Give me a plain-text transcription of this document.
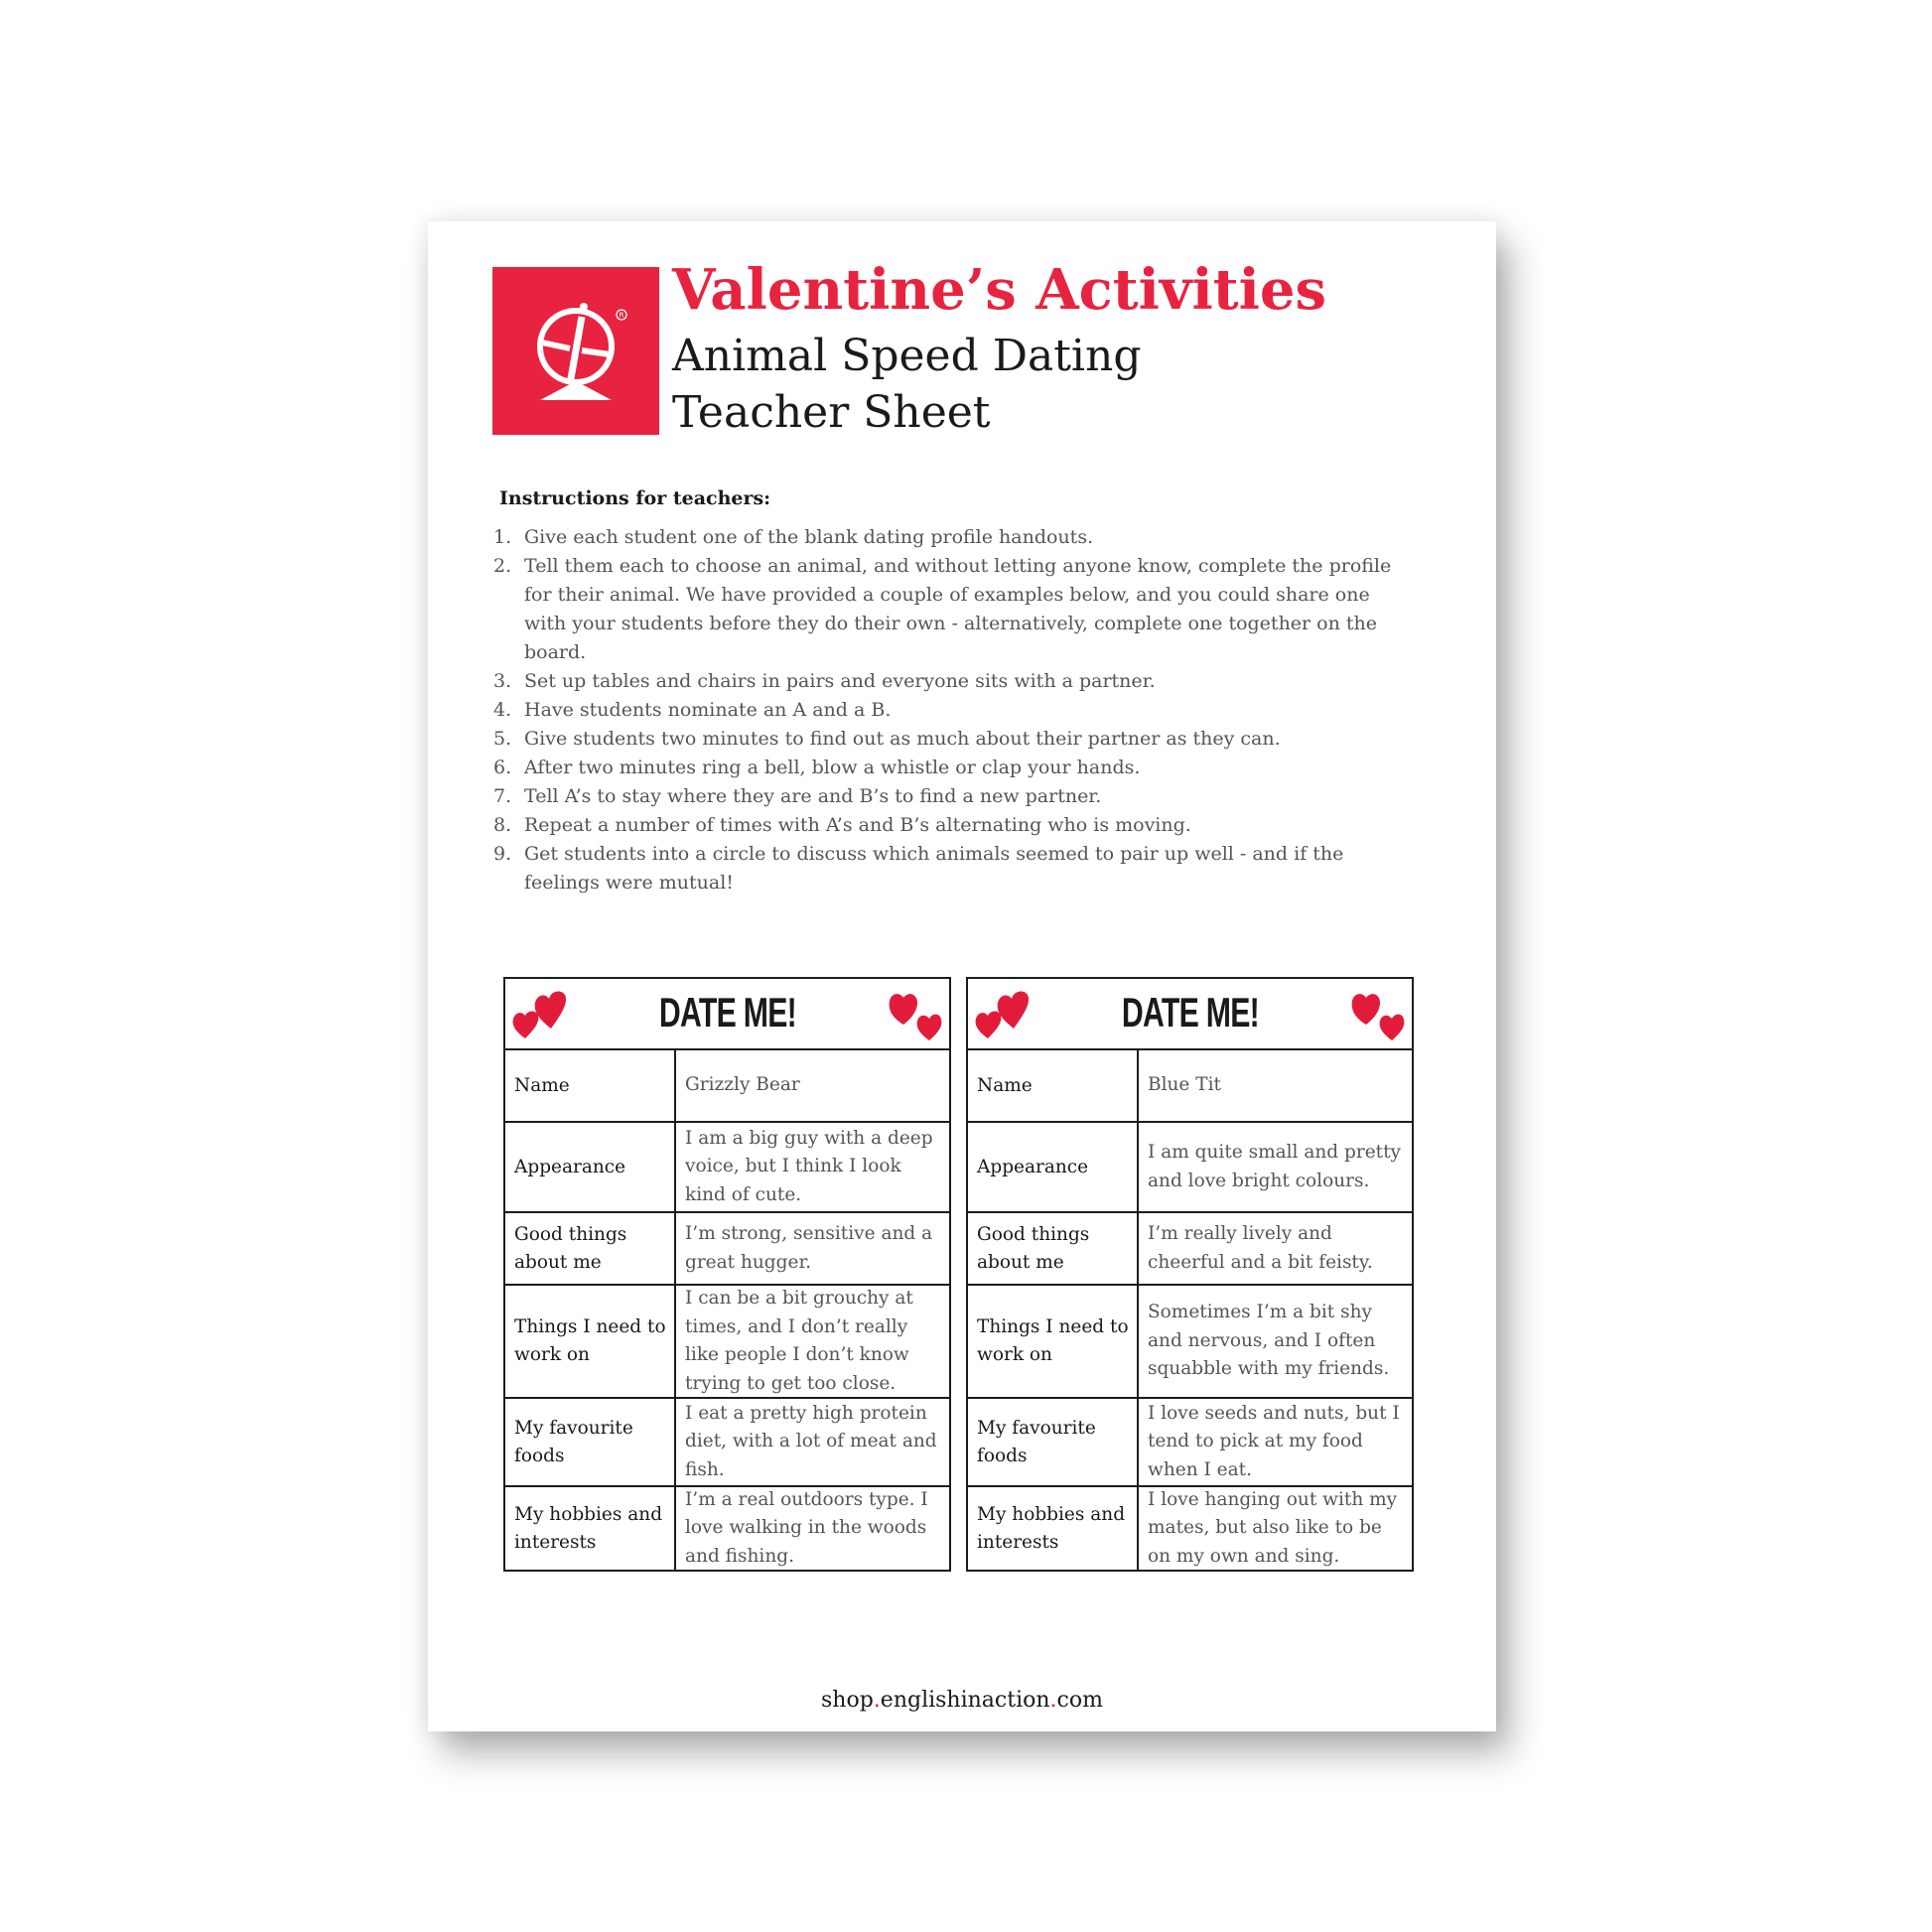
R Valentine’s Activities
Animal Speed Dating
Teacher Sheet
Instructions for teachers:
1. Give each student one of the blank dating profile handouts.
2. Tell them each to choose an animal, and without letting anyone know, complete the profile for their animal. We have provided a couple of examples below, and you could share one with your students before they do their own - alternatively, complete one together on the board.
3. Set up tables and chairs in pairs and everyone sits with a partner.
4. Have students nominate an A and a B.
5. Give students two minutes to find out as much about their partner as they can.
6. After two minutes ring a bell, blow a whistle or clap your hands.
7. Tell A’s to stay where they are and B’s to find a new partner.
8. Repeat a number of times with A’s and B’s alternating who is moving.
9. Get students into a circle to discuss which animals seemed to pair up well - and if the feelings were mutual!
DATE ME!
Name	Grizzly Bear
Appearance
I am a big guy with a deep voice, but I think I look kind of cute.
Good things about me
I’m strong, sensitive and a great hugger.
Things I need to work on
I can be a bit grouchy at times, and I don’t really like people I don’t know trying to get too close.
My favourite foods
I eat a pretty high protein diet, with a lot of meat and fish.
My hobbies and interests
I’m a real outdoors type. I love walking in the woods and fishing.
DATE ME!
Name	Blue Tit
Appearance
I am quite small and pretty and love bright colours.
Good things about me
I’m really lively and cheerful and a bit feisty.
Things I need to work on
Sometimes I’m a bit shy and nervous, and I often squabble with my friends.
My favourite foods
I love seeds and nuts, but I tend to pick at my food when I eat.
My hobbies and interests
I love hanging out with my mates, but also like to be on my own and sing.
shop.englishinaction.com
